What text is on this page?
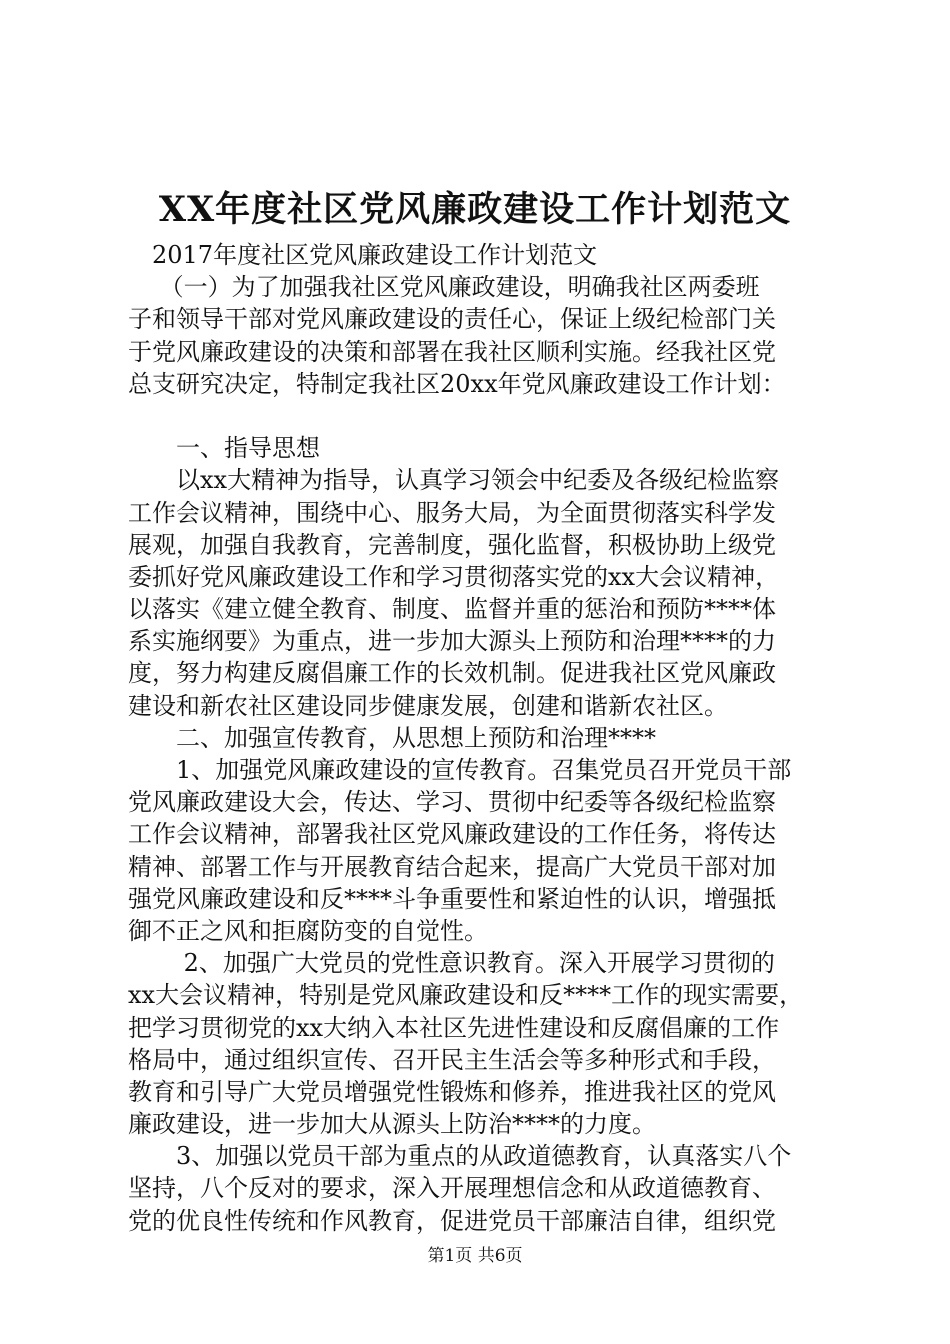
XX年度社区党风廉政建设工作计划范文
　2017年度社区党风廉政建设工作计划范文
　 （一）为了加强我社区党风廉政建设，明确我社区两委班
子和领导干部对党风廉政建设的责任心，保证上级纪检部门关
于党风廉政建设的决策和部署在我社区顺利实施。经我社区党
总支研究决定，特制定我社区20xx年党风廉政建设工作计划：
　　一、指导思想
　　以xx大精神为指导，认真学习领会中纪委及各级纪检监察
工作会议精神，围绕中心、服务大局，为全面贯彻落实科学发
展观，加强自我教育，完善制度，强化监督，积极协助上级党
委抓好党风廉政建设工作和学习贯彻落实党的xx大会议精神，
以落实《建立健全教育、制度、监督并重的惩治和预防****体
系实施纲要》为重点，进一步加大源头上预防和治理****的力
度，努力构建反腐倡廉工作的长效机制。促进我社区党风廉政
建设和新农社区建设同步健康发展，创建和谐新农社区。
　　二、加强宣传教育，从思想上预防和治理****
　　1、加强党风廉政建设的宣传教育。召集党员召开党员干部
党风廉政建设大会，传达、学习、贯彻中纪委等各级纪检监察
工作会议精神，部署我社区党风廉政建设的工作任务，将传达
精神、部署工作与开展教育结合起来，提高广大党员干部对加
强党风廉政建设和反****斗争重要性和紧迫性的认识，增强抵
御不正之风和拒腐防变的自觉性。
　　 2、加强广大党员的党性意识教育。深入开展学习贯彻的
xx大会议精神，特别是党风廉政建设和反****工作的现实需要，
把学习贯彻党的xx大纳入本社区先进性建设和反腐倡廉的工作
格局中，通过组织宣传、召开民主生活会等多种形式和手段，
教育和引导广大党员增强党性锻炼和修养，推进我社区的党风
廉政建设，进一步加大从源头上防治****的力度。
　　3、加强以党员干部为重点的从政道德教育，认真落实八个
坚持，八个反对的要求，深入开展理想信念和从政道德教育、
党的优良性传统和作风教育，促进党员干部廉洁自律，组织党
第1页 共6页
